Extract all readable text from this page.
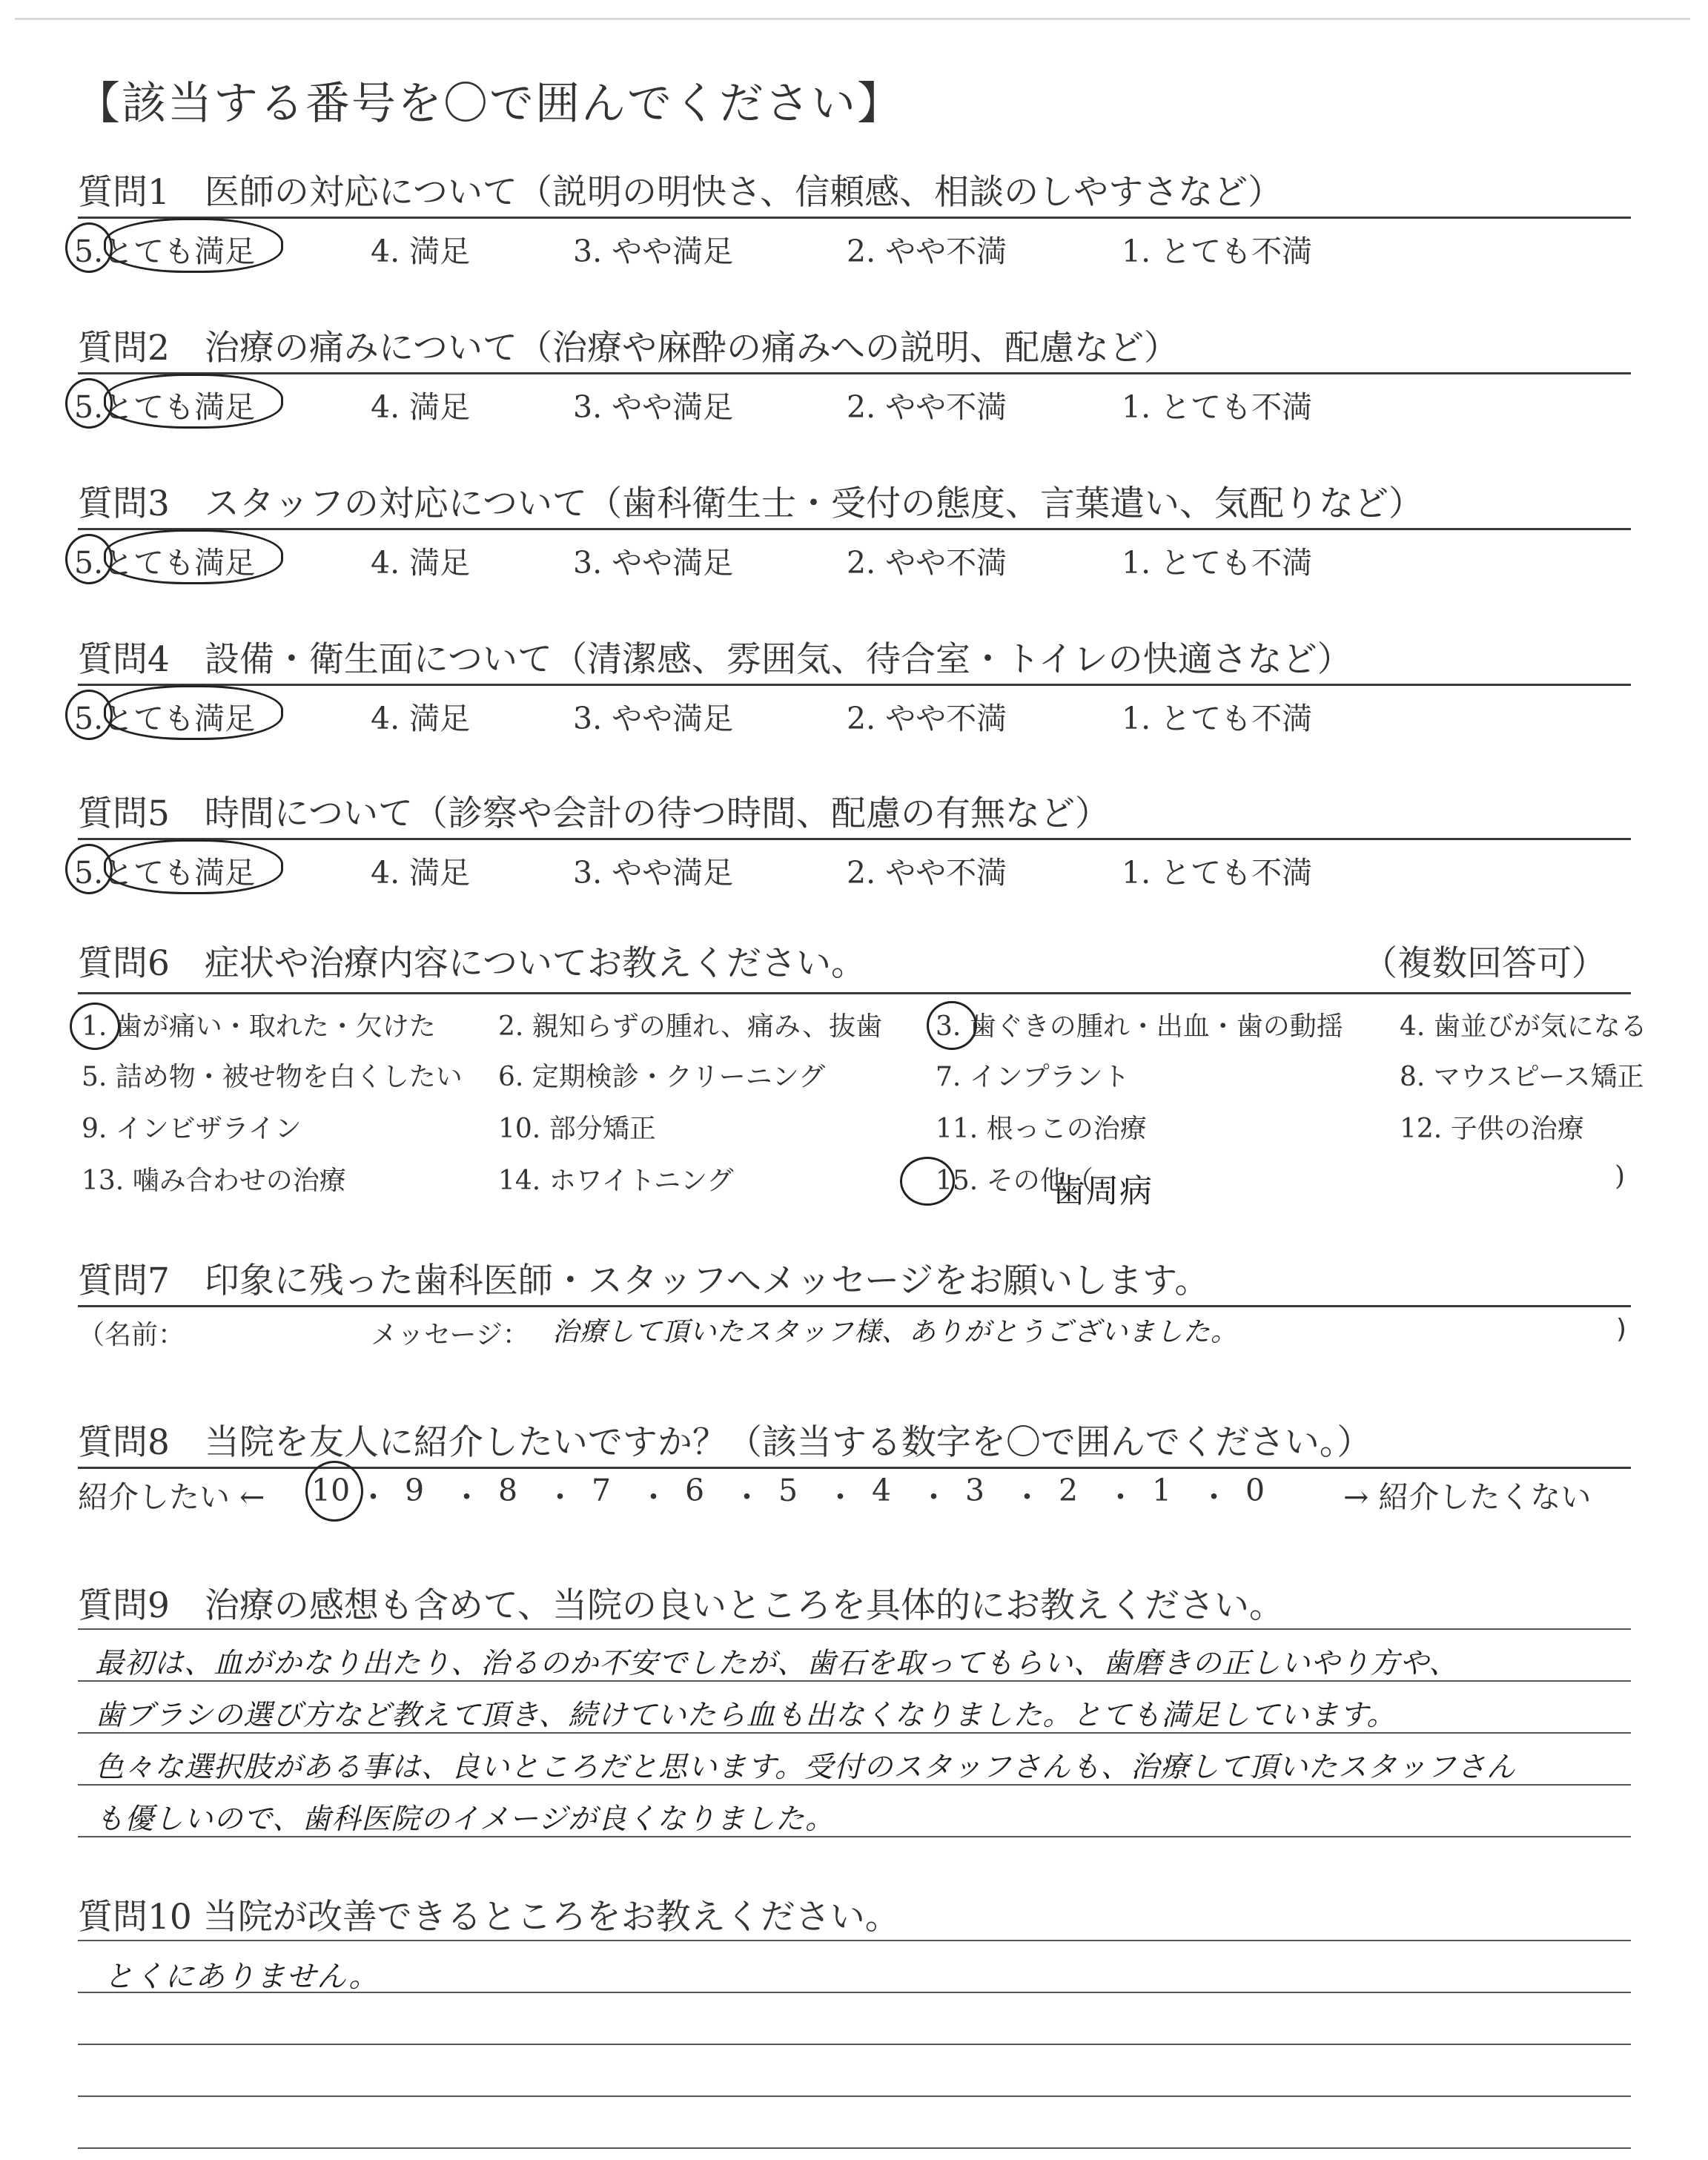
【該当する番号を〇で囲んでください】
質問6　症状や治療内容についてお教えください。	（複数回答可）
歯周病
質問7　印象に残った歯科医師・スタッフへメッセージをお願いします。
（名前：	メッセージ： 治療して頂いたスタッフ様、ありがとうございました。	)
質問8　当院を友人に紹介したいですか？（該当する数字を〇で囲んでください。）
紹介したい ←	→ 紹介したくない
質問9　治療の感想も含めて、当院の良いところを具体的にお教えください。
質問10 当院が改善できるところをお教えください。
質問1　医師の対応について（説明の明快さ、信頼感、相談のしやすさなど）
5.とても満足	4. 満足	3. やや満足	2. やや不満	1. とても不満
質問2　治療の痛みについて（治療や麻酔の痛みへの説明、配慮など）
5.とても満足	4. 満足	3. やや満足	2. やや不満	1. とても不満
質問3　スタッフの対応について（歯科衛生士・受付の態度、言葉遣い、気配りなど）
5.とても満足	4. 満足	3. やや満足	2. やや不満	1. とても不満
質問4　設備・衛生面について（清潔感、雰囲気、待合室・トイレの快適さなど）
5.とても満足	4. 満足	3. やや満足	2. やや不満	1. とても不満
質問5　時間について（診察や会計の待つ時間、配慮の有無など）
5.とても満足	4. 満足	3. やや満足	2. やや不満	1. とても不満
1. 歯が痛い・取れた・欠けた 2. 親知らずの腫れ、痛み、抜歯 3. 歯ぐきの腫れ・出血・歯の動揺 4. 歯並びが気になる
5. 詰め物・被せ物を白くしたい 6. 定期検診・クリーニング	7. インプラント	8. マウスピース矯正
9. インビザライン	10. 部分矯正	11. 根っこの治療	12. 子供の治療
13. 噛み合わせの治療	14. ホワイトニング	15. その他（	)
10 ・ 9 ・ 8 ・ 7 ・ 6 ・ 5 ・ 4 ・ 3 ・ 2 ・ 1 ・ 0
最初は、血がかなり出たり、治るのか不安でしたが、歯石を取ってもらい、歯磨きの正しいやり方や、
歯ブラシの選び方など教えて頂き、続けていたら血も出なくなりました。とても満足しています。
色々な選択肢がある事は、良いところだと思います。受付のスタッフさんも、治療して頂いたスタッフさん
も優しいので、歯科医院のイメージが良くなりました。
とくにありません。
